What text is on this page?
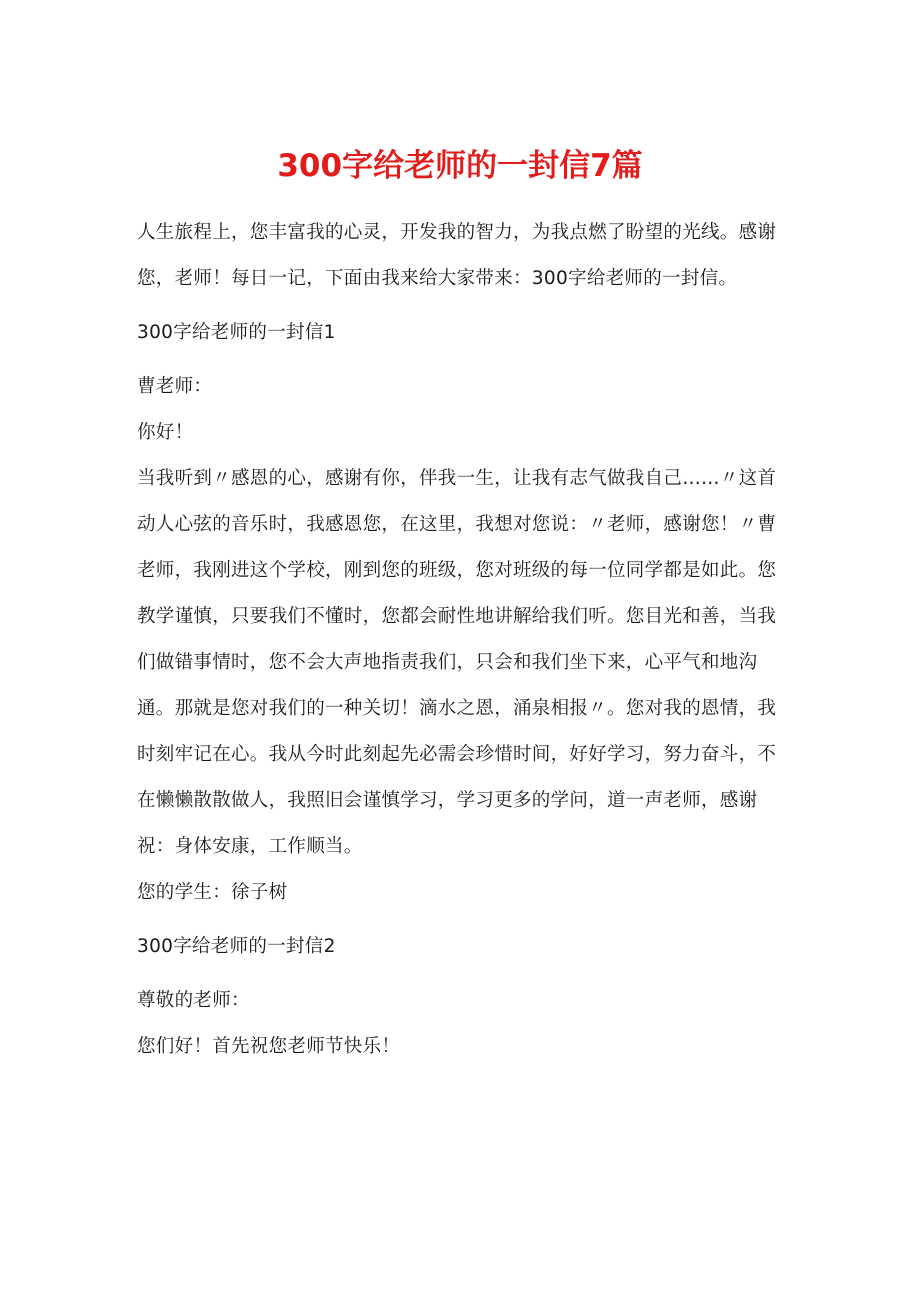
300字给老师的一封信7篇

人生旅程上，您丰富我的心灵，开发我的智力，为我点燃了盼望的光线。感谢您，老师！每日一记，下面由我来给大家带来：300字给老师的一封信。

300字给老师的一封信1

曹老师：

你好！

当我听到〃感恩的心，感谢有你，伴我一生，让我有志气做我自己……〃这首动人心弦的音乐时，我感恩您，在这里，我想对您说：〃老师，感谢您！〃曹老师，我刚进这个学校，刚到您的班级，您对班级的每一位同学都是如此。您教学谨慎，只要我们不懂时，您都会耐性地讲解给我们听。您目光和善，当我们做错事情时，您不会大声地指责我们，只会和我们坐下来，心平气和地沟通。那就是您对我们的一种关切！滴水之恩，涌泉相报〃。您对我的恩情，我时刻牢记在心。我从今时此刻起先必需会珍惜时间，好好学习，努力奋斗，不在懒懒散散做人，我照旧会谨慎学习，学习更多的学问，道一声老师，感谢祝：身体安康，工作顺当。

您的学生：徐子树

300字给老师的一封信2

尊敬的老师：

您们好！首先祝您老师节快乐！
